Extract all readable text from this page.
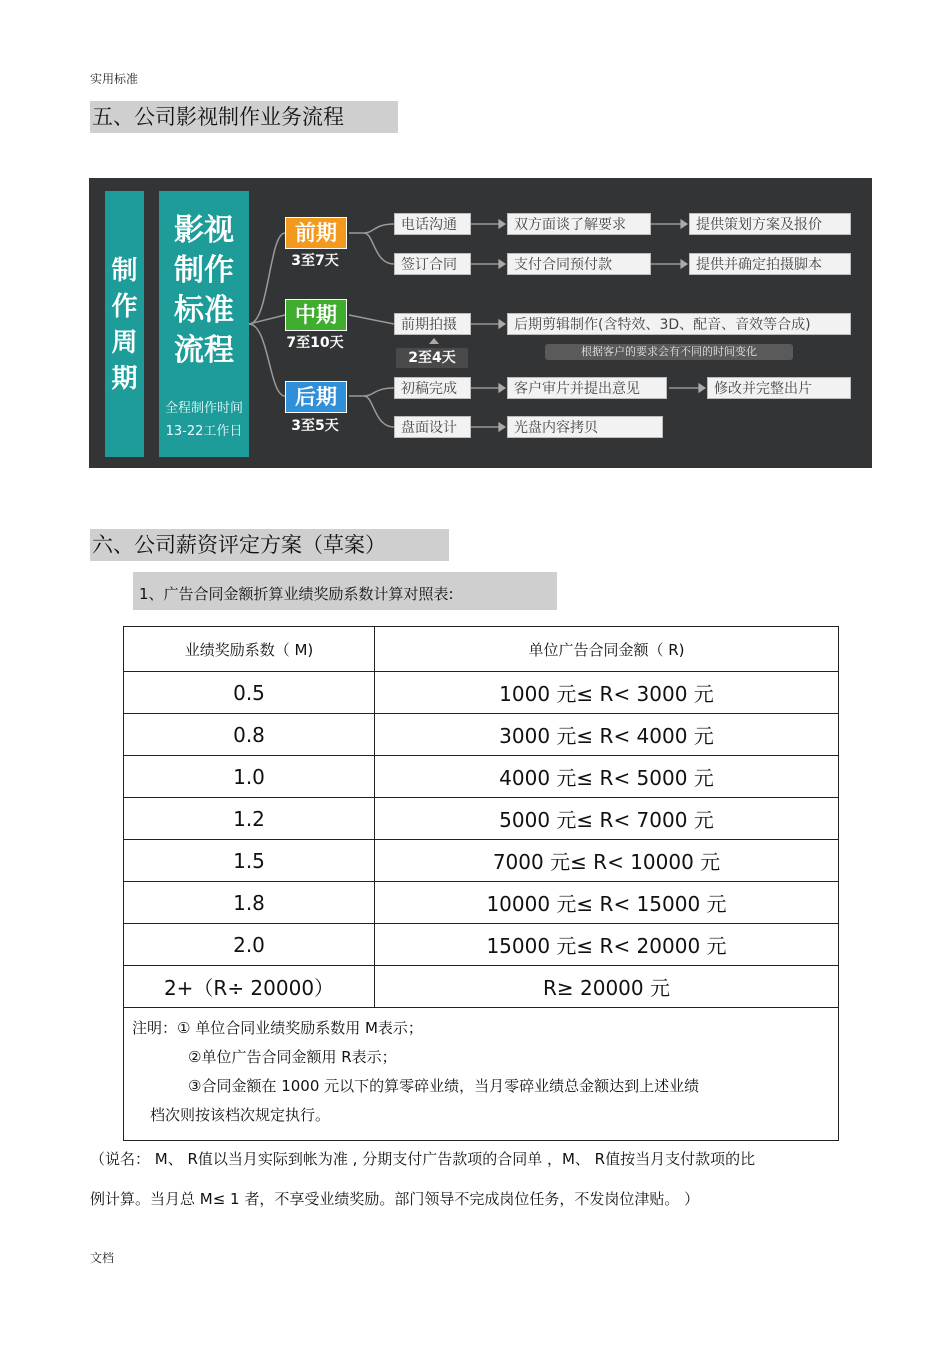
实用标准
五、公司影视制作业务流程
制
作
周
期
影视
制作
标准
流程
全程制作时间
13-22工作日
前期
3至7天
中期
7至10天
后期
3至5天
电话沟通	双方面谈了解要求	提供策划方案及报价
签订合同	支付合同预付款	提供并确定拍摄脚本
前期拍摄	后期剪辑制作(含特效、3D、配音、音效等合成)
根据客户的要求会有不同的时间变化
2至4天
初稿完成	客户审片并提出意见	修改并完整出片
盘面设计	光盘内容拷贝
六、公司薪资评定方案（草案）
1、广告合同金额折算业绩奖励系数计算对照表:
业绩奖励系数（ M)	单位广告合同金额（ R)
0.5	1000 元≤ R< 3000 元
0.8	3000 元≤ R< 4000 元
1.0	4000 元≤ R< 5000 元
1.2	5000 元≤ R< 7000 元
1.5	7000 元≤ R< 10000 元
1.8	10000 元≤ R< 15000 元
2.0	15000 元≤ R< 20000 元
2+（R÷ 20000）	R≥ 20000 元

注明：① 单位合同业绩奖励系数用 M表示；
②单位广告合同金额用 R表示；
③合同金额在 1000 元以下的算零碎业绩，当月零碎业绩总金额达到上述业绩
档次则按该档次规定执行。	
（说名： M、 R值以当月实际到帐为准 , 分期支付广告款项的合同单 ，M、 R值按当月支付款项的比
例计算。当月总 M≤ 1 者，不享受业绩奖励。部门领导不完成岗位任务，不发岗位津贴。 ）
文档
